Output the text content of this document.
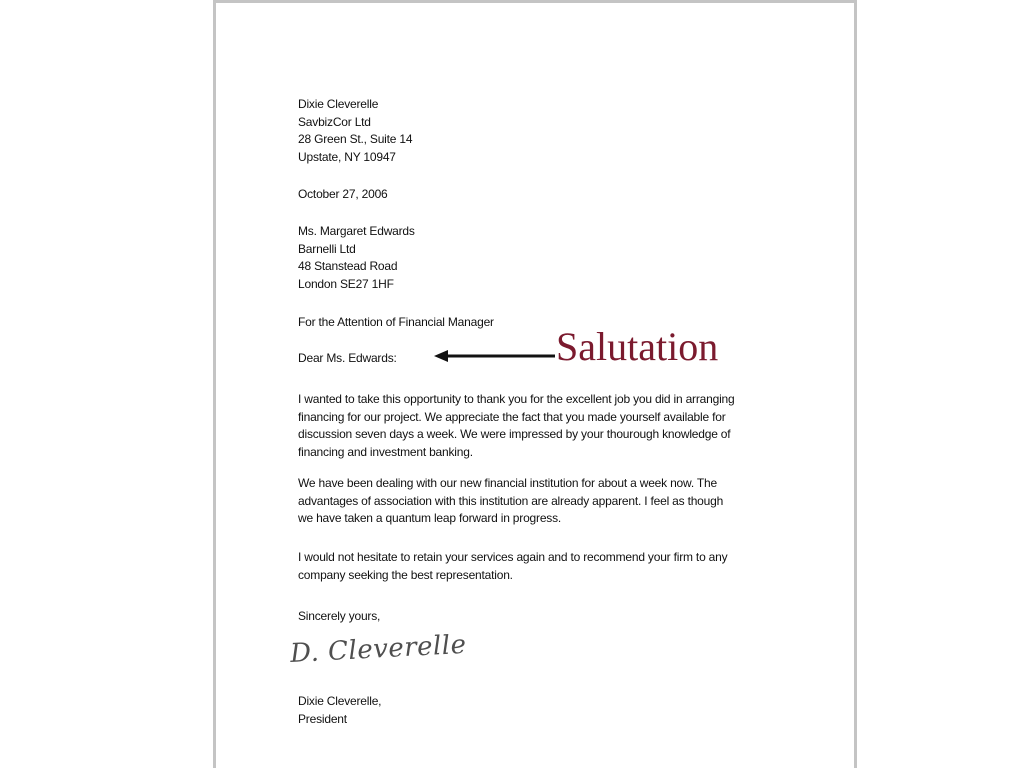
Dixie Cleverelle
SavbizCor Ltd
28 Green St., Suite 14
Upstate, NY 10947
October 27, 2006
Ms. Margaret Edwards
Barnelli Ltd
48 Stanstead Road
London SE27 1HF
For the Attention of Financial Manager
Dear Ms. Edwards:
I wanted to take this opportunity to thank you for the excellent job you did in arranging
financing for our project. We appreciate the fact that you made yourself available for
discussion seven days a week. We were impressed by your thourough knowledge of
financing and investment banking.
We have been dealing with our new financial institution for about a week now. The
advantages of association with this institution are already apparent. I feel as though
we have taken a quantum leap forward in progress.
I would not hesitate to retain your services again and to recommend your firm to any
company seeking the best representation.
Sincerely yours,
D. Cleverelle
Dixie Cleverelle,
President
Salutation
